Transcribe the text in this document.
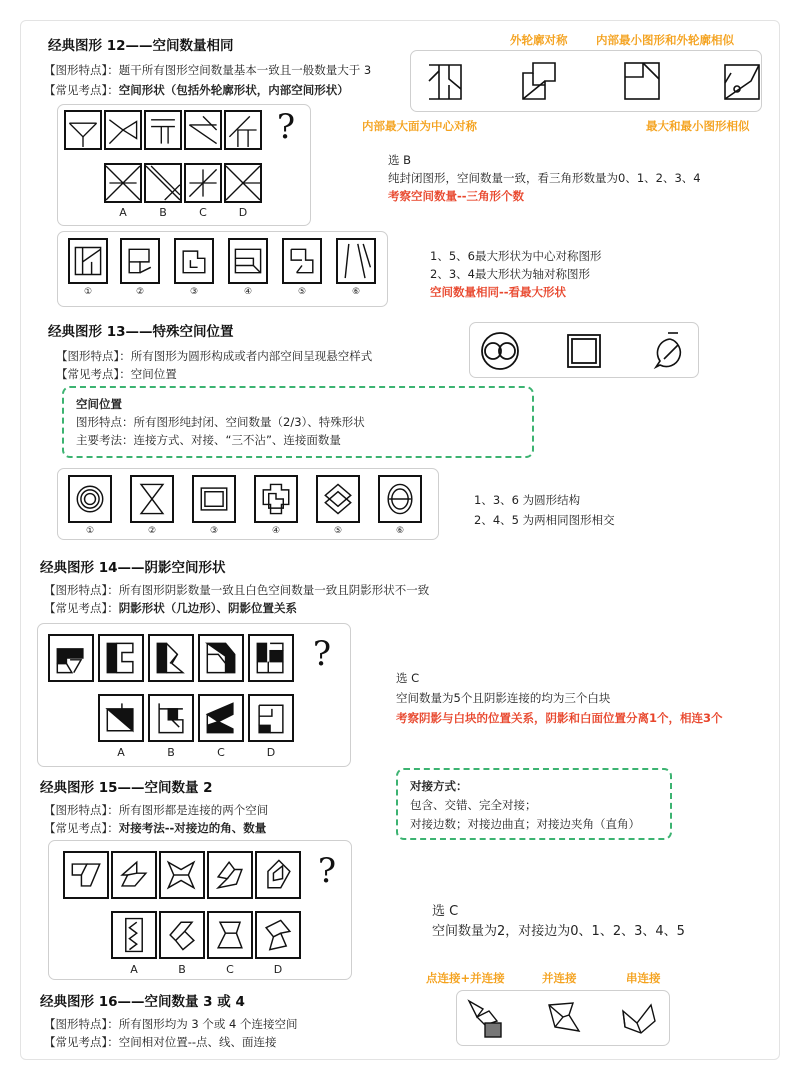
经典图形 12——空间数量相同
【图形特点】：题干所有图形空间数量基本一致且一般数量大于 3
【常见考点】：空间形状（包括外轮廓形状，内部空间形状）
外轮廓对称 内部最小图形和外轮廓相似
内部最大面为中心对称	最大和最小图形相似
?
A	B	C	D
选 B
纯封闭图形，空间数量一致，看三角形数量为0、1、2、3、4
考察空间数量--三角形个数
①	②	③	④	⑤	⑥
1、5、6最大形状为中心对称图形
2、3、4最大形状为轴对称图形
空间数量相同--看最大形状
经典图形 13——特殊空间位置
【图形特点】：所有图形为圆形构成或者内部空间呈现悬空样式
【常见考点】：空间位置
空间位置
图形特点：所有图形纯封闭、空间数量（2/3）、特殊形状
主要考法：连接方式、对接、“三不沾”、连接面数量
①	②	③	④	⑤	⑥
1、3、6 为圆形结构
2、4、5 为两相同图形相交
经典图形 14——阴影空间形状
【图形特点】：所有图形阴影数量一致且白色空间数量一致且阴影形状不一致
【常见考点】：阴影形状（几边形）、阴影位置关系
?
A	B	C	D
选 C
空间数量为5个且阴影连接的均为三个白块
考察阴影与白块的位置关系，阴影和白面位置分离1个，相连3个
经典图形 15——空间数量 2
【图形特点】：所有图形都是连接的两个空间
【常见考点】：对接考法--对接边的角、数量
对接方式：
包含、交错、完全对接；
对接边数；对接边曲直；对接边夹角（直角）
?
A	B	C	D
选 C
空间数量为2，对接边为0、1、2、3、4、5
经典图形 16——空间数量 3 或 4
【图形特点】：所有图形均为 3 个或 4 个连接空间
【常见考点】：空间相对位置--点、线、面连接
点连接+并连接	并连接	串连接
